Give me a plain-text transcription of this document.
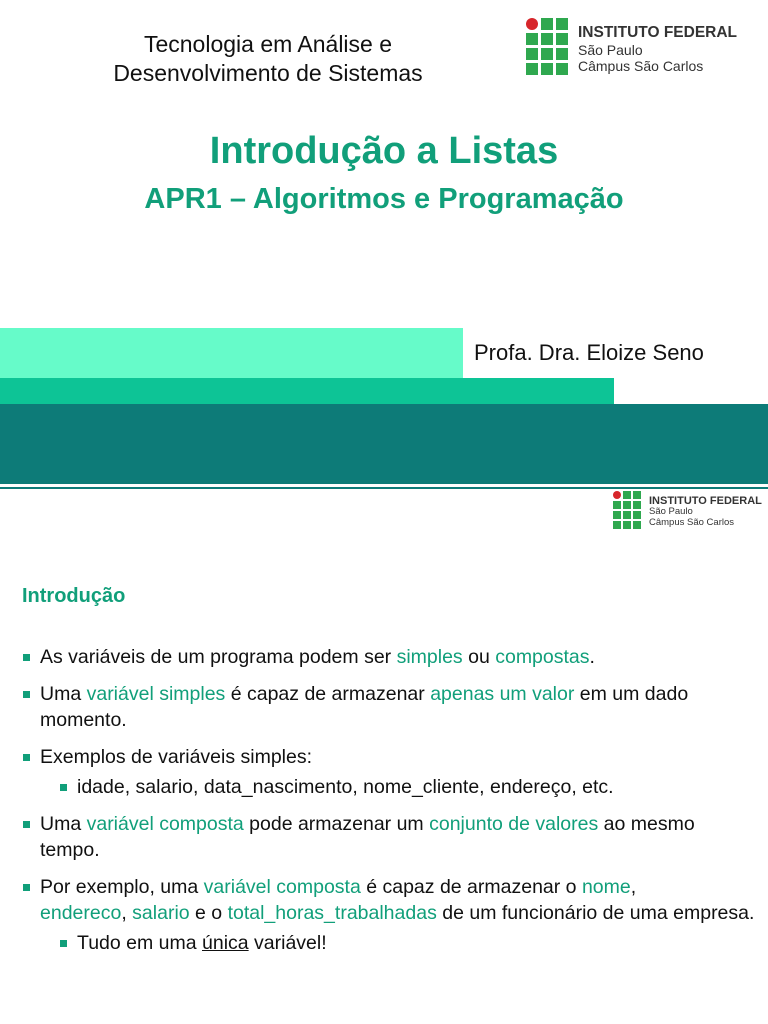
Tecnologia em Análise e
Desenvolvimento de Sistemas
INSTITUTO FEDERAL
São Paulo
Câmpus São Carlos
Introdução a Listas
APR1 – Algoritmos e Programação
Profa. Dra. Eloize Seno
INSTITUTO FEDERAL
São Paulo
Câmpus São Carlos
Introdução
As variáveis de um programa podem ser simples ou compostas.
Uma variável simples é capaz de armazenar apenas um valor em um dado momento.
Exemplos de variáveis simples:
idade, salario, data_nascimento, nome_cliente, endereço, etc.
Uma variável composta pode armazenar um conjunto de valores ao mesmo tempo.
Por exemplo, uma variável composta é capaz de armazenar o nome,
endereco, salario e o total_horas_trabalhadas de um funcionário de uma empresa.
Tudo em uma única variável!
